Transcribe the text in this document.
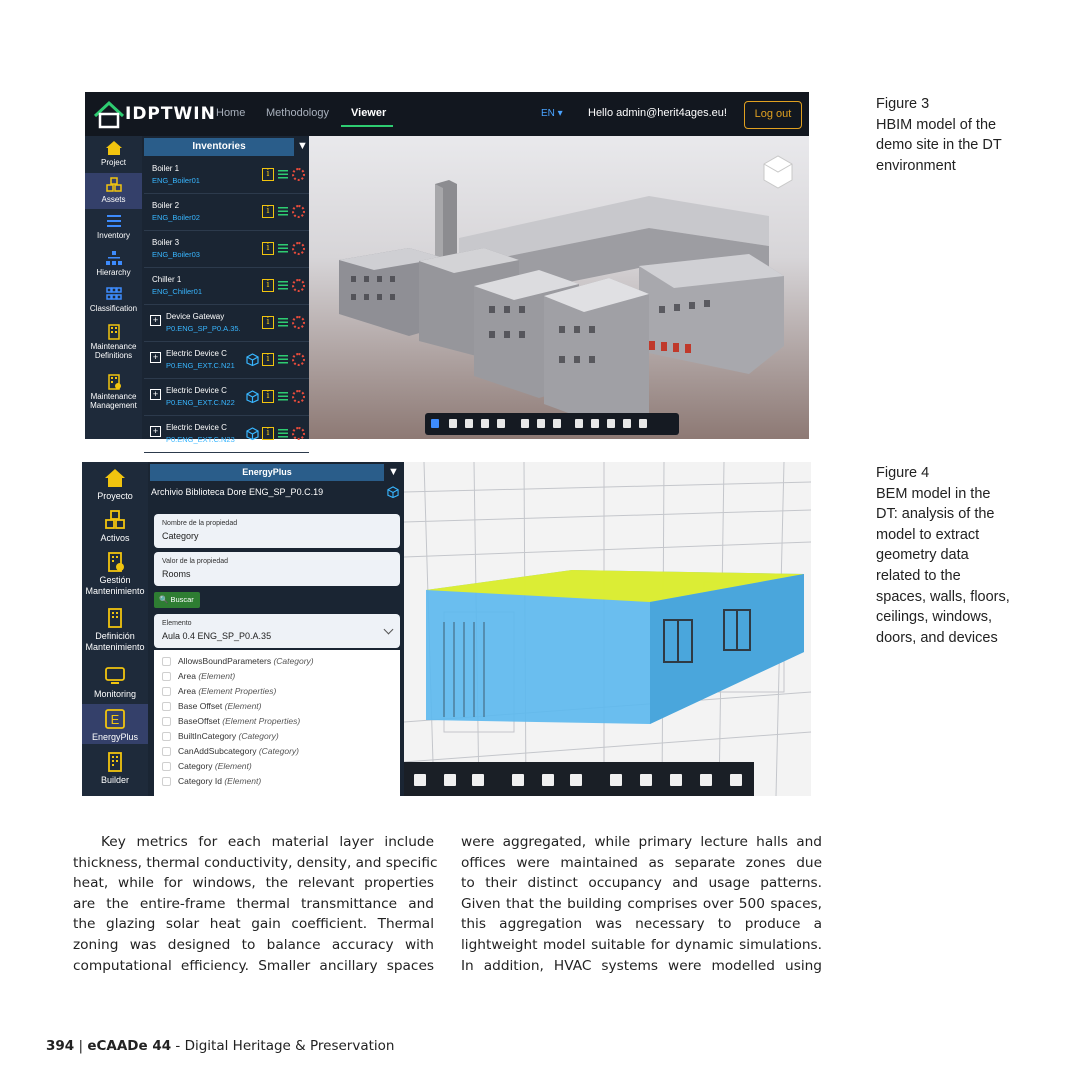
IDPTWIN Home Methodology Viewer	EN ▾ Hello admin@herit4ages.eu!	Log out
Project
Assets
Inventory
Hierarchy
Classification
Maintenance Definitions
Maintenance Management
Inventories	▼
Boiler 1
ENG_Boiler01
i
Boiler 2
ENG_Boiler02
i
Boiler 3
ENG_Boiler03
i
Chiller 1
ENG_Chiller01
i
+ Device Gateway
P0.ENG_SP_P0.A.35.
i
+ Electric Device C
P0.ENG_EXT.C.N21
i
+ Electric Device C
P0.ENG_EXT.C.N22
i
+ Electric Device C
P0.ENG_EXT.C.N23
i
Proyecto
Activos
Gestión Mantenimiento
Definición Mantenimiento
Monitoring
E
EnergyPlus
Builder
EnergyPlus	▼
Archivio Biblioteca Dore ENG_SP_P0.C.19
Nombre de la propiedad
Category
Valor de la propiedad
Rooms
🔍 Buscar
Elemento
Aula 0.4 ENG_SP_P0.A.35
AllowsBoundParameters (Category)
Area (Element)
Area (Element Properties)
Base Offset (Element)
BaseOffset (Element Properties)
BuiltInCategory (Category)
CanAddSubcategory (Category)
Category (Element)
Category Id (Element)
Figure 3
HBIM model of the
demo site in the DT
environment
Figure 4
BEM model in the
DT: analysis of the
model to extract
geometry data
related to the
spaces, walls, floors,
ceilings, windows,
doors, and devices
Key metrics for each material layer include
thickness, thermal conductivity, density, and specific
heat, while for windows, the relevant properties
are the entire-frame thermal transmittance and
the glazing solar heat gain coefficient. Thermal
zoning was designed to balance accuracy with
computational efficiency. Smaller ancillary spaces
were aggregated, while primary lecture halls and
offices were maintained as separate zones due
to their distinct occupancy and usage patterns.
Given that the building comprises over 500 spaces,
this aggregation was necessary to produce a
lightweight model suitable for dynamic simulations.
In addition, HVAC systems were modelled using
394 | eCAADe 44 - Digital Heritage & Preservation
